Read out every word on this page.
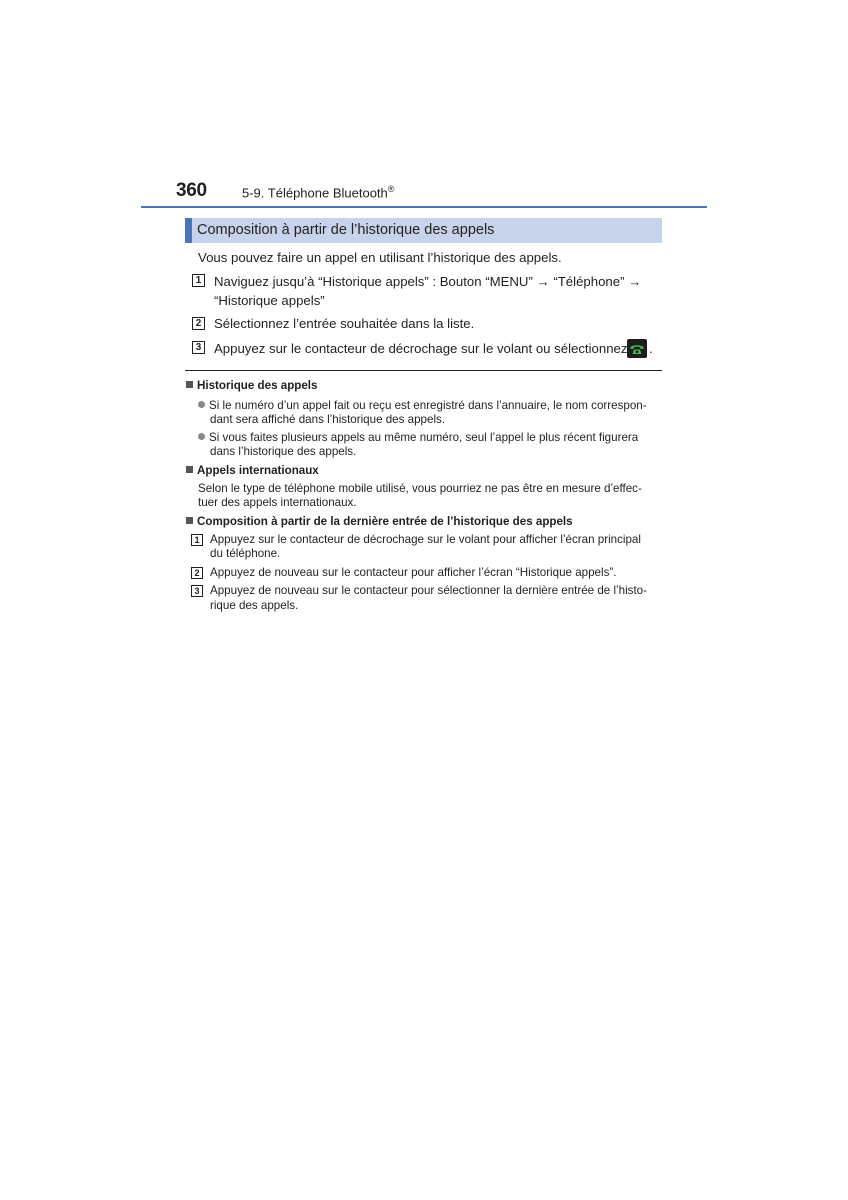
360	5-9. Téléphone Bluetooth®
Composition à partir de l’historique des appels
Vous pouvez faire un appel en utilisant l’historique des appels.
1 Naviguez jusqu’à “Historique appels” : Bouton “MENU” → “Téléphone” →
“Historique appels”
2 Sélectionnez l’entrée souhaitée dans la liste.
3 Appuyez sur le contacteur de décrochage sur le volant ou sélectionnez .
Historique des appels
Si le numéro d’un appel fait ou reçu est enregistré dans l’annuaire, le nom correspon-
dant sera affiché dans l’historique des appels.
Si vous faites plusieurs appels au même numéro, seul l’appel le plus récent figurera
dans l’historique des appels.
Appels internationaux
Selon le type de téléphone mobile utilisé, vous pourriez ne pas être en mesure d’effec-
tuer des appels internationaux.
Composition à partir de la dernière entrée de l’historique des appels
1 Appuyez sur le contacteur de décrochage sur le volant pour afficher l’écran principal
du téléphone.
2 Appuyez de nouveau sur le contacteur pour afficher l’écran “Historique appels”.
3 Appuyez de nouveau sur le contacteur pour sélectionner la dernière entrée de l’histo-
rique des appels.
